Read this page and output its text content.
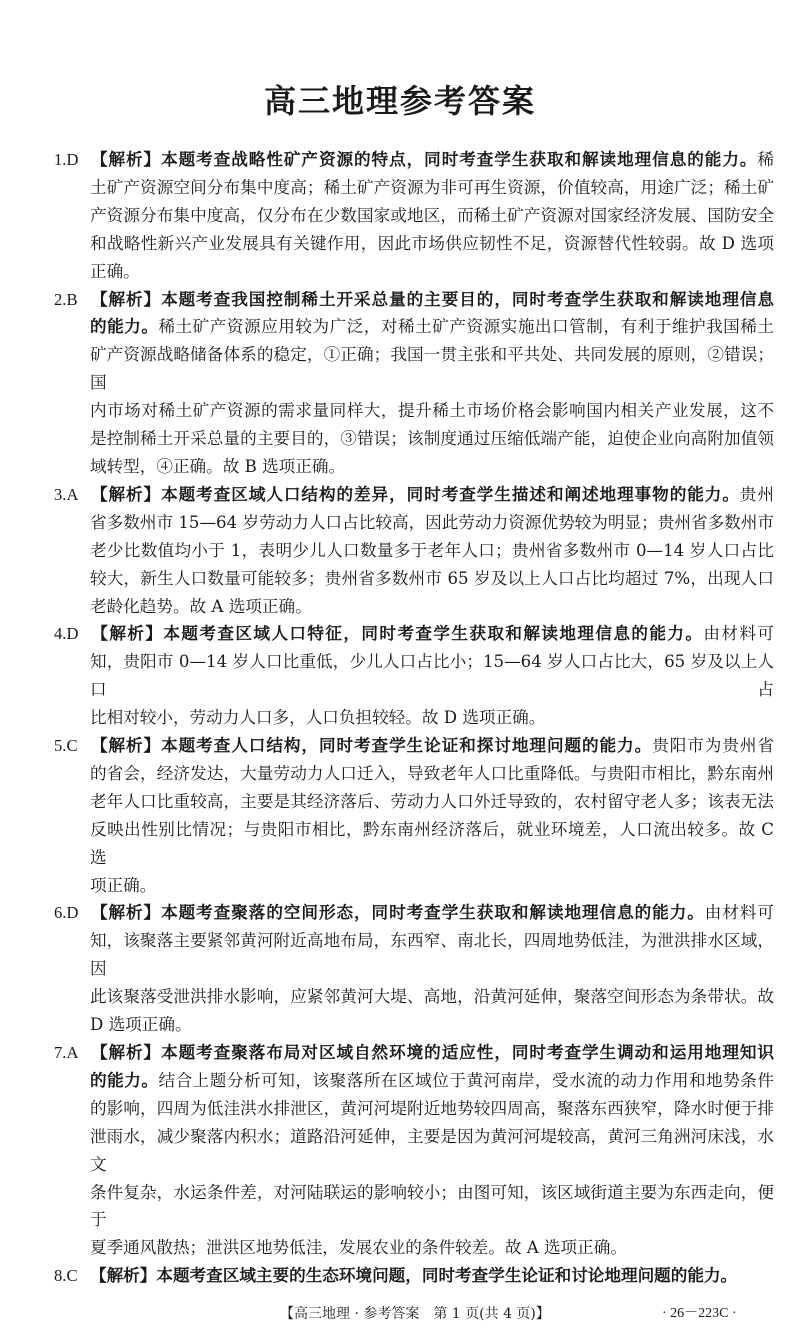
高三地理参考答案
1.D 【解析】本题考查战略性矿产资源的特点，同时考查学生获取和解读地理信息的能力。稀
土矿产资源空间分布集中度高；稀土矿产资源为非可再生资源，价值较高，用途广泛；稀土矿
产资源分布集中度高，仅分布在少数国家或地区，而稀土矿产资源对国家经济发展、国防安全
和战略性新兴产业发展具有关键作用，因此市场供应韧性不足，资源替代性较弱。故 D 选项
正确。
2.B 【解析】本题考查我国控制稀土开采总量的主要目的，同时考查学生获取和解读地理信息
的能力。稀土矿产资源应用较为广泛，对稀土矿产资源实施出口管制，有利于维护我国稀土
矿产资源战略储备体系的稳定，①正确；我国一贯主张和平共处、共同发展的原则，②错误；国
内市场对稀土矿产资源的需求量同样大，提升稀土市场价格会影响国内相关产业发展，这不
是控制稀土开采总量的主要目的，③错误；该制度通过压缩低端产能，迫使企业向高附加值领
域转型，④正确。故 B 选项正确。
3.A 【解析】本题考查区域人口结构的差异，同时考查学生描述和阐述地理事物的能力。贵州
省多数州市 15—64 岁劳动力人口占比较高，因此劳动力资源优势较为明显；贵州省多数州市
老少比数值均小于 1，表明少儿人口数量多于老年人口；贵州省多数州市 0—14 岁人口占比
较大，新生人口数量可能较多；贵州省多数州市 65 岁及以上人口占比均超过 7%，出现人口
老龄化趋势。故 A 选项正确。
4.D 【解析】本题考查区域人口特征，同时考查学生获取和解读地理信息的能力。由材料可
知，贵阳市 0—14 岁人口比重低，少儿人口占比小；15—64 岁人口占比大，65 岁及以上人口占
比相对较小，劳动力人口多，人口负担较轻。故 D 选项正确。
5.C 【解析】本题考查人口结构，同时考查学生论证和探讨地理问题的能力。贵阳市为贵州省
的省会，经济发达，大量劳动力人口迁入，导致老年人口比重降低。与贵阳市相比，黔东南州
老年人口比重较高，主要是其经济落后、劳动力人口外迁导致的，农村留守老人多；该表无法
反映出性别比情况；与贵阳市相比，黔东南州经济落后，就业环境差，人口流出较多。故 C 选
项正确。
6.D 【解析】本题考查聚落的空间形态，同时考查学生获取和解读地理信息的能力。由材料可
知，该聚落主要紧邻黄河附近高地布局，东西窄、南北长，四周地势低洼，为泄洪排水区域，因
此该聚落受泄洪排水影响，应紧邻黄河大堤、高地，沿黄河延伸，聚落空间形态为条带状。故
D 选项正确。
7.A 【解析】本题考查聚落布局对区域自然环境的适应性，同时考查学生调动和运用地理知识
的能力。结合上题分析可知，该聚落所在区域位于黄河南岸，受水流的动力作用和地势条件
的影响，四周为低洼洪水排泄区，黄河河堤附近地势较四周高，聚落东西狭窄，降水时便于排
泄雨水，减少聚落内积水；道路沿河延伸，主要是因为黄河河堤较高，黄河三角洲河床浅，水文
条件复杂，水运条件差，对河陆联运的影响较小；由图可知，该区域街道主要为东西走向，便于
夏季通风散热；泄洪区地势低洼，发展农业的条件较差。故 A 选项正确。
8.C 【解析】本题考查区域主要的生态环境问题，同时考查学生论证和讨论地理问题的能力。
【高三地理 · 参考答案　第 1 页(共 4 页)】	· 26－223C ·
